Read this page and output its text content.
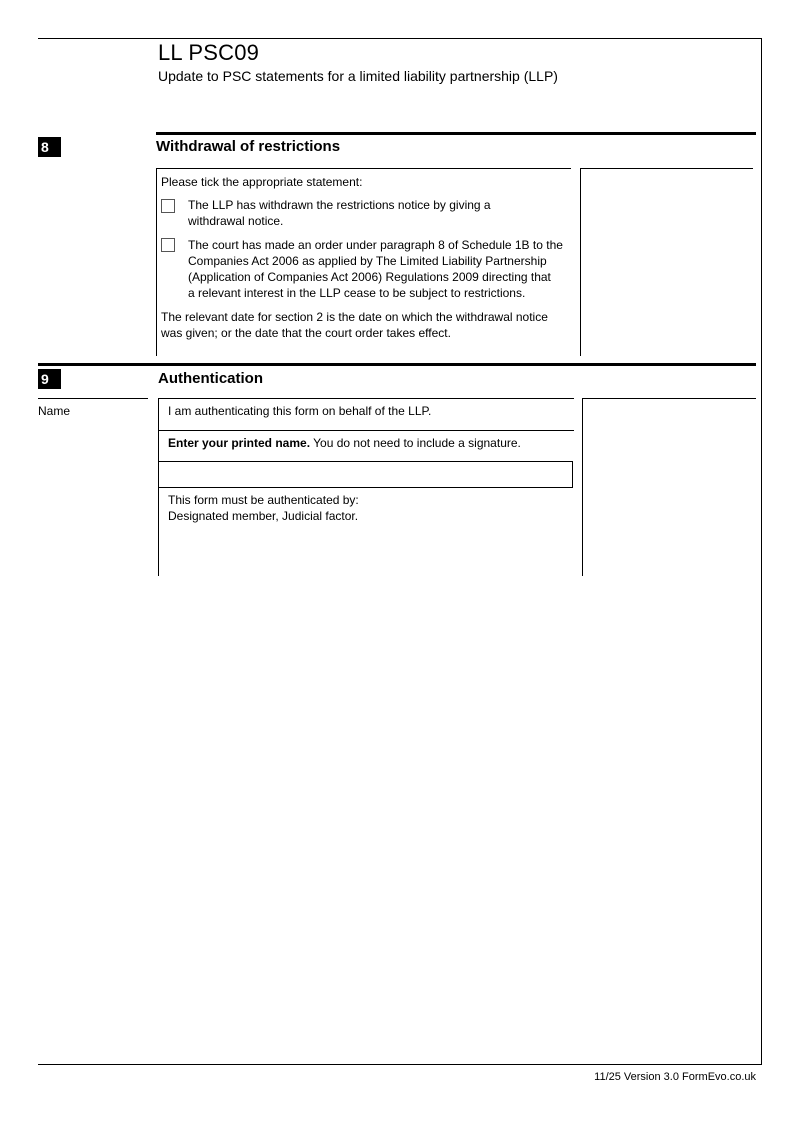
LL PSC09
Update to PSC statements for a limited liability partnership (LLP)
8	Withdrawal of restrictions
Please tick the appropriate statement:
The LLP has withdrawn the restrictions notice by giving a
withdrawal notice.
The court has made an order under paragraph 8 of Schedule 1B to the
Companies Act 2006 as applied by The Limited Liability Partnership
(Application of Companies Act 2006) Regulations 2009 directing that
a relevant interest in the LLP cease to be subject to restrictions.
The relevant date for section 2 is the date on which the withdrawal notice
was given; or the date that the court order takes effect.
9	Authentication
Name	I am authenticating this form on behalf of the LLP.
Enter your printed name. You do not need to include a signature.
This form must be authenticated by:
Designated member, Judicial factor.
11/25 Version 3.0 FormEvo.co.uk
